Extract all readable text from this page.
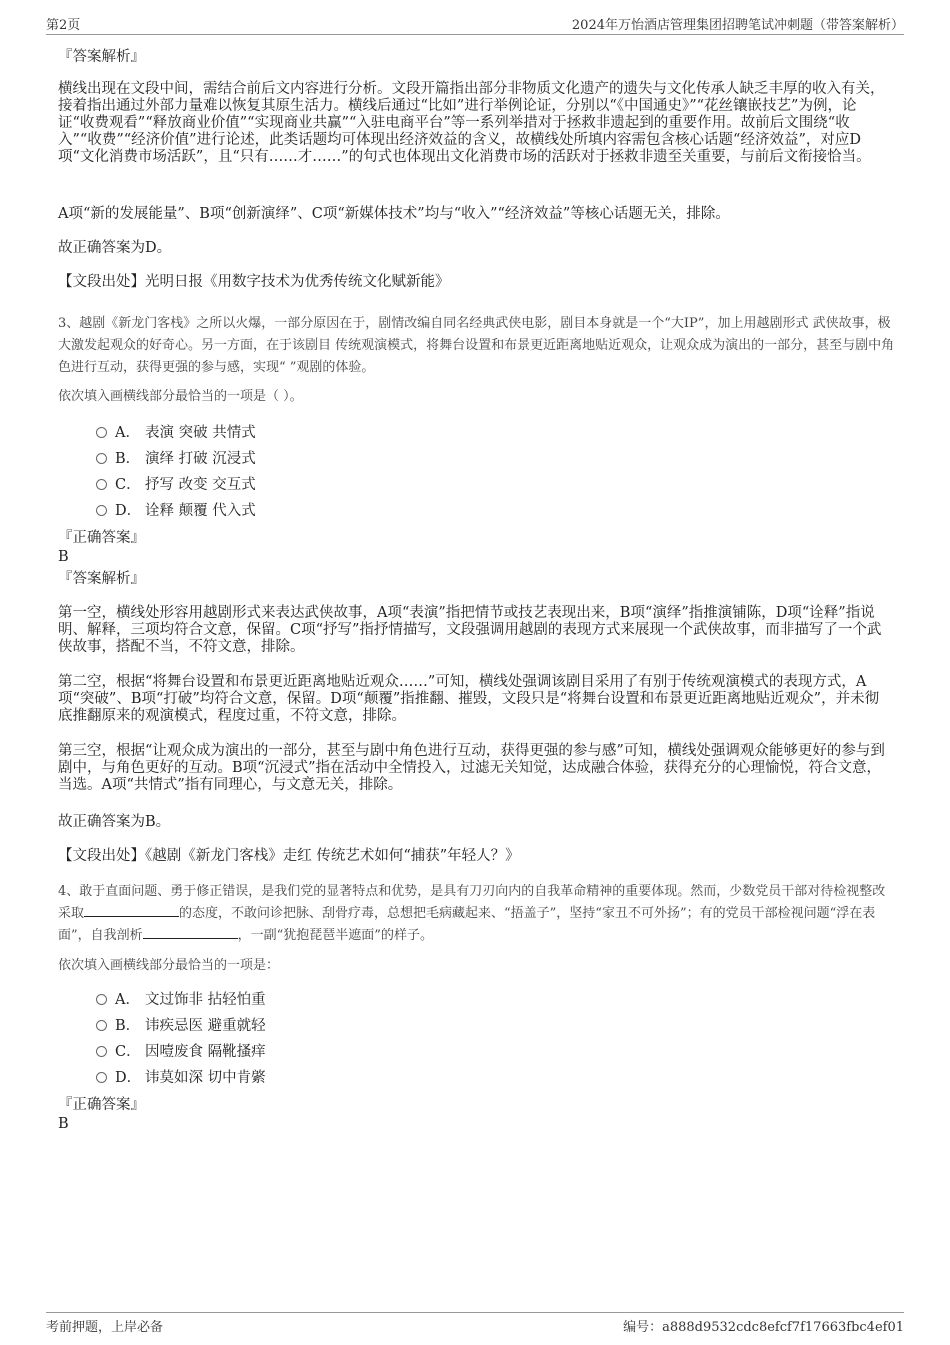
第2页	2024年万怡酒店管理集团招聘笔试冲刺题（带答案解析）
『答案解析』
横线出现在文段中间，需结合前后文内容进行分析。文段开篇指出部分非物质文化遗产的遗失与文化传承人缺乏丰厚的收入有关，接着指出通过外部力量难以恢复其原生活力。横线后通过“比如”进行举例论证，分别以“《中国通史》”“花丝镶嵌技艺”为例，论证“收费观看”“释放商业价值”“实现商业共赢”“入驻电商平台”等一系列举措对于拯救非遗起到的重要作用。故前后文围绕“收入”“收费”“经济价值”进行论述，此类话题均可体现出经济效益的含义，故横线处所填内容需包含核心话题“经济效益”，对应D项“文化消费市场活跃”，且“只有……才……”的句式也体现出文化消费市场的活跃对于拯救非遗至关重要，与前后文衔接恰当。
A项“新的发展能量”、B项“创新演绎”、C项“新媒体技术”均与“收入”“经济效益”等核心话题无关，排除。
故正确答案为D。
【文段出处】光明日报《用数字技术为优秀传统文化赋新能》
3、越剧《新龙门客栈》之所以火爆，一部分原因在于，剧情改编自同名经典武侠电影，剧目本身就是一个“大IP”，加上用越剧形式 武侠故事，极大激发起观众的好奇心。另一方面，在于该剧目 传统观演模式，将舞台设置和布景更近距离地贴近观众，让观众成为演出的一部分，甚至与剧中角色进行互动，获得更强的参与感，实现“ ”观剧的体验。
依次填入画横线部分最恰当的一项是（ ）。
A． 表演 突破 共情式
B． 演绎 打破 沉浸式
C． 抒写 改变 交互式
D． 诠释 颠覆 代入式
『正确答案』
B
『答案解析』
第一空，横线处形容用越剧形式来表达武侠故事，A项“表演”指把情节或技艺表现出来，B项“演绎”指推演铺陈，D项“诠释”指说明、解释，三项均符合文意，保留。C项“抒写”指抒情描写，文段强调用越剧的表现方式来展现一个武侠故事，而非描写了一个武侠故事，搭配不当，不符文意，排除。
第二空，根据“将舞台设置和布景更近距离地贴近观众……”可知，横线处强调该剧目采用了有别于传统观演模式的表现方式，A项“突破”、B项“打破”均符合文意，保留。D项“颠覆”指推翻、摧毁，文段只是“将舞台设置和布景更近距离地贴近观众”，并未彻底推翻原来的观演模式，程度过重，不符文意，排除。
第三空，根据“让观众成为演出的一部分，甚至与剧中角色进行互动，获得更强的参与感”可知，横线处强调观众能够更好的参与到剧中，与角色更好的互动。B项“沉浸式”指在活动中全情投入，过滤无关知觉，达成融合体验，获得充分的心理愉悦，符合文意，当选。A项“共情式”指有同理心，与文意无关，排除。
故正确答案为B。
【文段出处】《越剧《新龙门客栈》走红 传统艺术如何“捕获”年轻人？》
4、敢于直面问题、勇于修正错误，是我们党的显著特点和优势，是具有刀刃向内的自我革命精神的重要体现。然而，少数党员干部对待检视整改采取	的态度，不敢问诊把脉、刮骨疗毒，总想把毛病藏起来、“捂盖子”，坚持“家丑不可外扬”；有的党员干部检视问题“浮在表面”，自我剖析	，一副“犹抱琵琶半遮面”的样子。
依次填入画横线部分最恰当的一项是：
A． 文过饰非 拈轻怕重
B． 讳疾忌医 避重就轻
C． 因噎废食 隔靴搔痒
D． 讳莫如深 切中肯綮
『正确答案』
B
考前押题，上岸必备	编号：a888d9532cdc8efcf7f17663fbc4ef01
